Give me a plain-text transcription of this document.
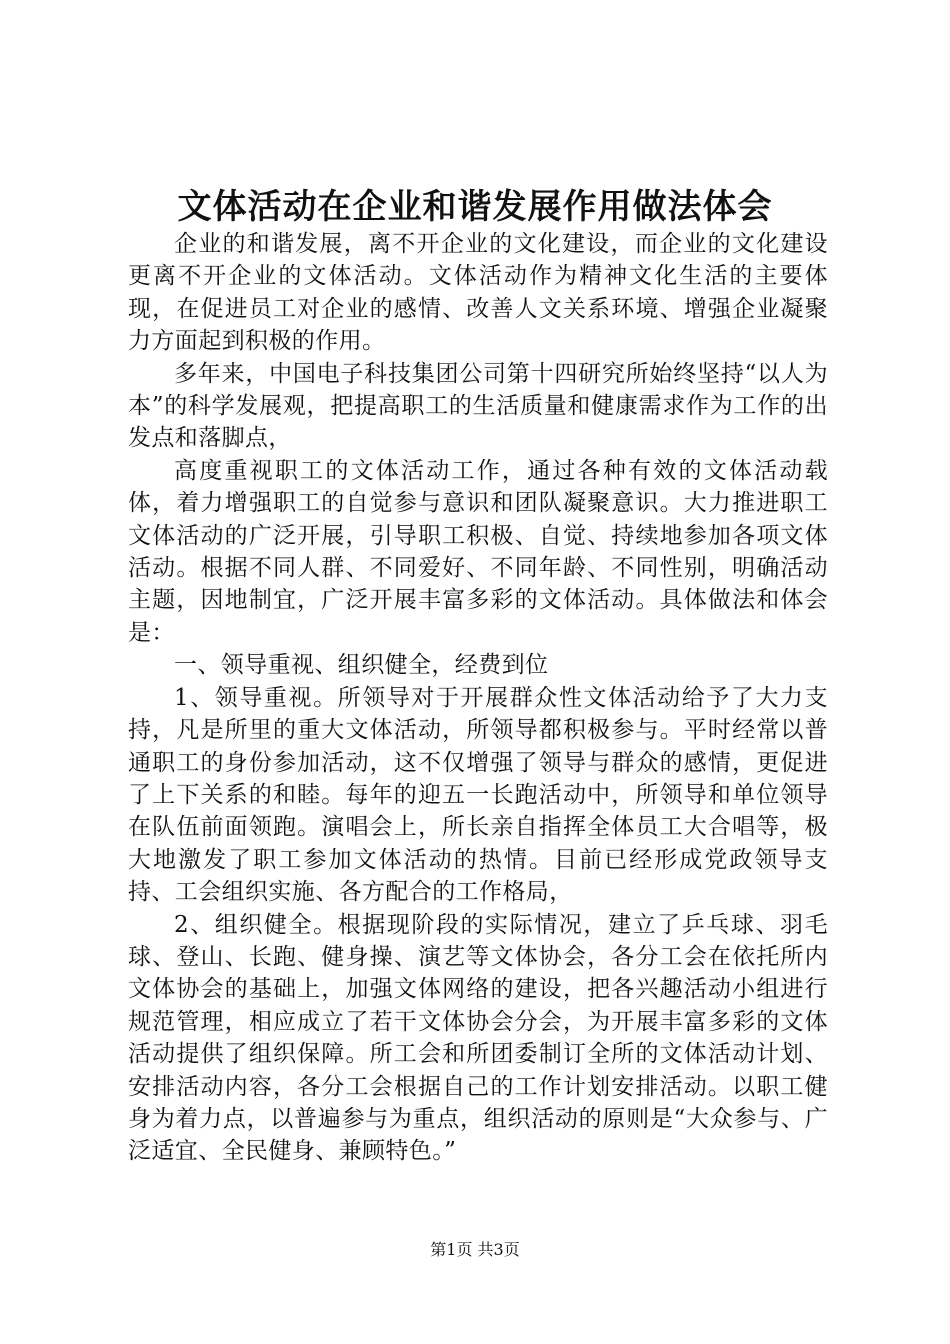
文体活动在企业和谐发展作用做法体会

企业的和谐发展，离不开企业的文化建设，而企业的文化建设更离不开企业的文体活动。文体活动作为精神文化生活的主要体现，在促进员工对企业的感情、改善人文关系环境、增强企业凝聚力方面起到积极的作用。

多年来，中国电子科技集团公司第十四研究所始终坚持“以人为本”的科学发展观，把提高职工的生活质量和健康需求作为工作的出发点和落脚点，

高度重视职工的文体活动工作，通过各种有效的文体活动载体，着力增强职工的自觉参与意识和团队凝聚意识。大力推进职工文体活动的广泛开展，引导职工积极、自觉、持续地参加各项文体活动。根据不同人群、不同爱好、不同年龄、不同性别，明确活动主题，因地制宜，广泛开展丰富多彩的文体活动。具体做法和体会是：

一、领导重视、组织健全，经费到位

1、领导重视。所领导对于开展群众性文体活动给予了大力支持，凡是所里的重大文体活动，所领导都积极参与。平时经常以普通职工的身份参加活动，这不仅增强了领导与群众的感情，更促进了上下关系的和睦。每年的迎五一长跑活动中，所领导和单位领导在队伍前面领跑。演唱会上，所长亲自指挥全体员工大合唱等，极大地激发了职工参加文体活动的热情。目前已经形成党政领导支持、工会组织实施、各方配合的工作格局，

2、组织健全。根据现阶段的实际情况，建立了乒乓球、羽毛球、登山、长跑、健身操、演艺等文体协会，各分工会在依托所内文体协会的基础上，加强文体网络的建设，把各兴趣活动小组进行规范管理，相应成立了若干文体协会分会，为开展丰富多彩的文体活动提供了组织保障。所工会和所团委制订全所的文体活动计划、安排活动内容，各分工会根据自己的工作计划安排活动。以职工健身为着力点，以普遍参与为重点，组织活动的原则是“大众参与、广泛适宜、全民健身、兼顾特色。”

第1页 共3页
